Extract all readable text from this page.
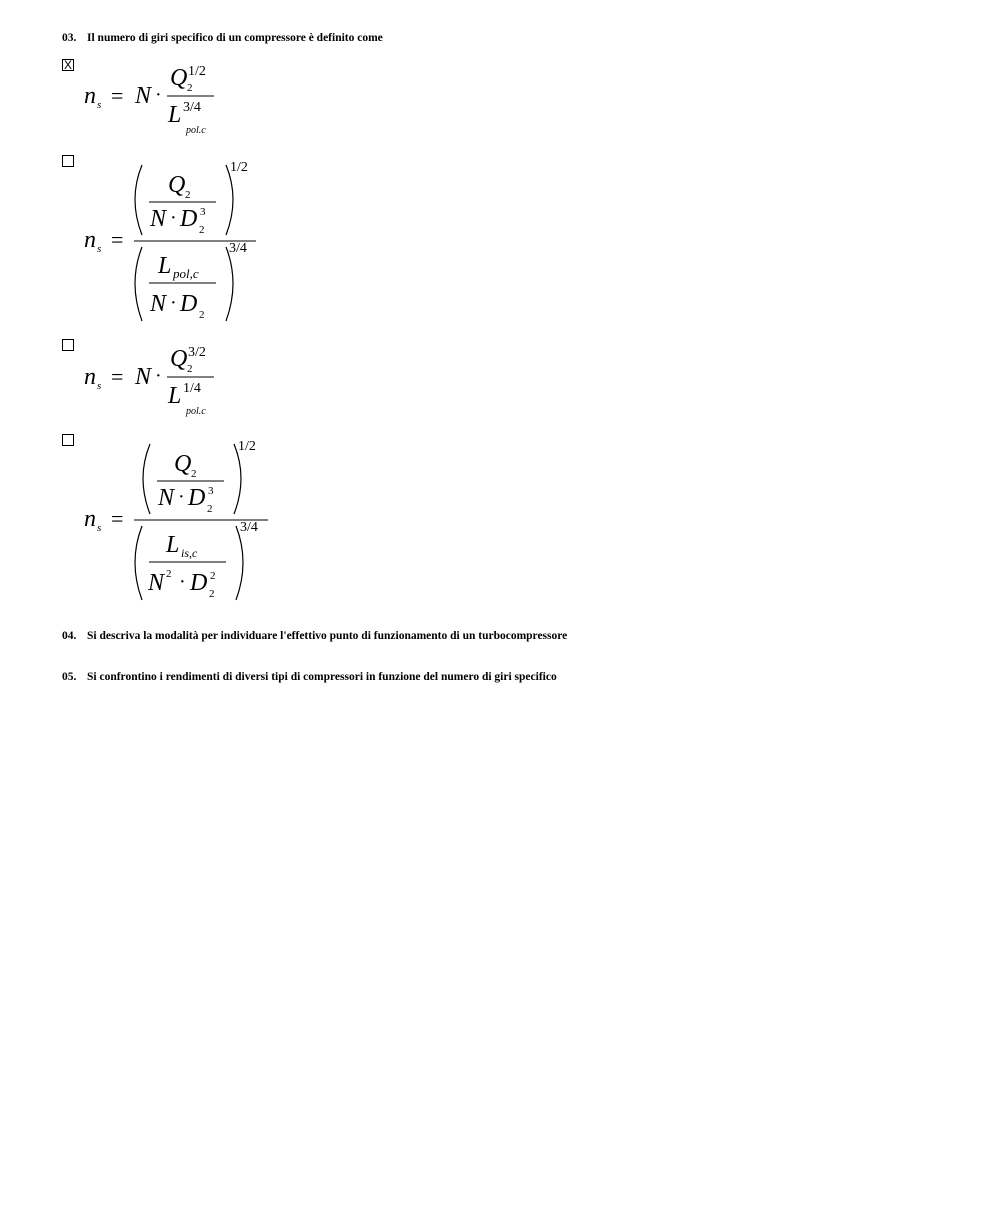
03. Il numero di giri specifico di un compressore è definito come
X
n s = N ·
Q 2
1/2
L 3/4
pol.c
n s =
Q 2
N · D 2
3
1/2
L pol,c
N · D 2
3/4
n s = N ·
Q 2
3/2
L 1/4
pol.c
n s =
Q 2
N · D 2
3
1/2
L is,c
N 2 · D 2
2
3/4
04. Si descriva la modalità per individuare l'effettivo punto di funzionamento di un turbocompressore
05. Si confrontino i rendimenti di diversi tipi di compressori in funzione del numero di giri specifico
